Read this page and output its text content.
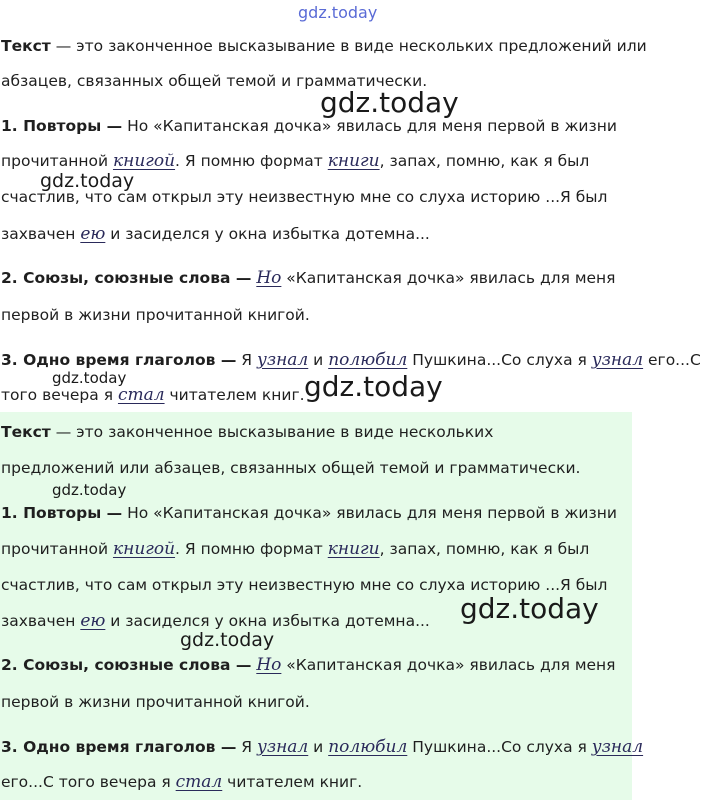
Текст — это законченное высказывание в виде нескольких предложений или
абзацев, связанных общей темой и грамматически.
1. Повторы — Но «Капитанская дочка» явилась для меня первой в жизни
прочитанной книгой. Я помню формат книги, запах, помню, как я был
счастлив, что сам открыл эту неизвестную мне со слуха историю ...Я был
захвачен ею и засиделся у окна избытка дотемна...
2. Союзы, союзные слова — Но «Капитанская дочка» явилась для меня
первой в жизни прочитанной книгой.
3. Одно время глаголов — Я узнал и полюбил Пушкина...Со слуха я узнал его...С
того вечера я стал читателем книг.
Текст — это законченное высказывание в виде нескольких
предложений или абзацев, связанных общей темой и грамматически.
1. Повторы — Но «Капитанская дочка» явилась для меня первой в жизни
прочитанной книгой. Я помню формат книги, запах, помню, как я был
счастлив, что сам открыл эту неизвестную мне со слуха историю ...Я был
захвачен ею и засиделся у окна избытка дотемна...
2. Союзы, союзные слова — Но «Капитанская дочка» явилась для меня
первой в жизни прочитанной книгой.
3. Одно время глаголов — Я узнал и полюбил Пушкина...Со слуха я узнал
его...С того вечера я стал читателем книг.
gdz.today
gdz.today
gdz.today
gdz.today	gdz.today
gdz.today
gdz.today
gdz.today
